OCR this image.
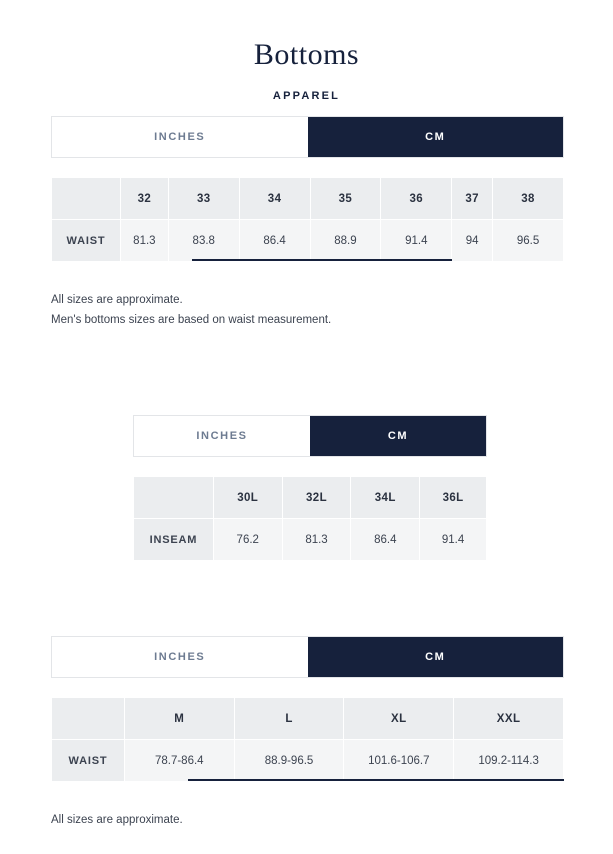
Bottoms
APPAREL
INCHES	CM
	32	33	34	35	36	37	38
WAIST	81.3	83.8	86.4	88.9	91.4	94	96.5
All sizes are approximate.
Men's bottoms sizes are based on waist measurement.
INCHES	CM
	30L	32L	34L	36L
INSEAM	76.2	81.3	86.4	91.4
INCHES	CM
	M	L	XL	XXL
WAIST	78.7-86.4	88.9-96.5	101.6-106.7	109.2-114.3
All sizes are approximate.
